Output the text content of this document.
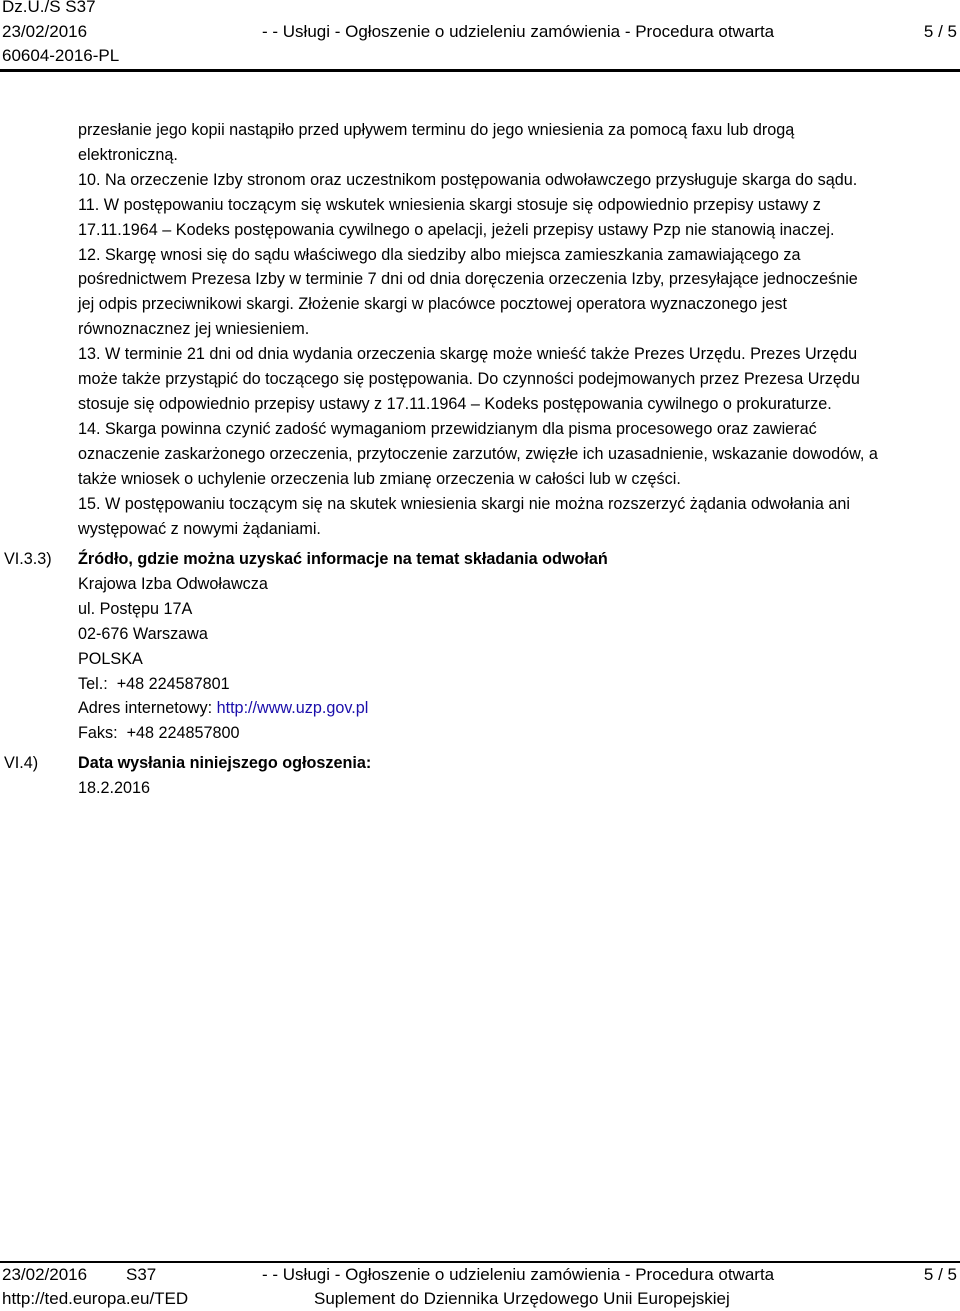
Dz.U./S S37
23/02/2016	- - Usługi - Ogłoszenie o udzieleniu zamówienia - Procedura otwarta	5 / 5
60604-2016-PL

przesłanie jego kopii nastąpiło przed upływem terminu do jego wniesienia za pomocą faxu lub drogą

elektroniczną.

10. Na orzeczenie Izby stronom oraz uczestnikom postępowania odwoławczego przysługuje skarga do sądu.

11. W postępowaniu toczącym się wskutek wniesienia skargi stosuje się odpowiednio przepisy ustawy z

17.11.1964 – Kodeks postępowania cywilnego o apelacji, jeżeli przepisy ustawy Pzp nie stanowią inaczej.

12. Skargę wnosi się do sądu właściwego dla siedziby albo miejsca zamieszkania zamawiającego za

pośrednictwem Prezesa Izby w terminie 7 dni od dnia doręczenia orzeczenia Izby, przesyłające jednocześnie

jej odpis przeciwnikowi skargi. Złożenie skargi w placówce pocztowej operatora wyznaczonego jest

równoznacznez jej wniesieniem.

13. W terminie 21 dni od dnia wydania orzeczenia skargę może wnieść także Prezes Urzędu. Prezes Urzędu

może także przystąpić do toczącego się postępowania. Do czynności podejmowanych przez Prezesa Urzędu

stosuje się odpowiednio przepisy ustawy z 17.11.1964 – Kodeks postępowania cywilnego o prokuraturze.

14. Skarga powinna czynić zadość wymaganiom przewidzianym dla pisma procesowego oraz zawierać

oznaczenie zaskarżonego orzeczenia, przytoczenie zarzutów, zwięzłe ich uzasadnienie, wskazanie dowodów, a

także wniosek o uchylenie orzeczenia lub zmianę orzeczenia w całości lub w części.

15. W postępowaniu toczącym się na skutek wniesienia skargi nie można rozszerzyć żądania odwołania ani

występować z nowymi żądaniami.

VI.3.3) Źródło, gdzie można uzyskać informacje na temat składania odwołań
Krajowa Izba Odwoławcza
ul. Postępu 17A
02-676 Warszawa
POLSKA
Tel.: +48 224587801
Adres internetowy: http://www.uzp.gov.pl
Faks: +48 224857800
VI.4) Data wysłania niniejszego ogłoszenia:
18.2.2016
23/02/2016 S37	- - Usługi - Ogłoszenie o udzieleniu zamówienia - Procedura otwarta	5 / 5
http://ted.europa.eu/TED	Suplement do Dziennika Urzędowego Unii Europejskiej
